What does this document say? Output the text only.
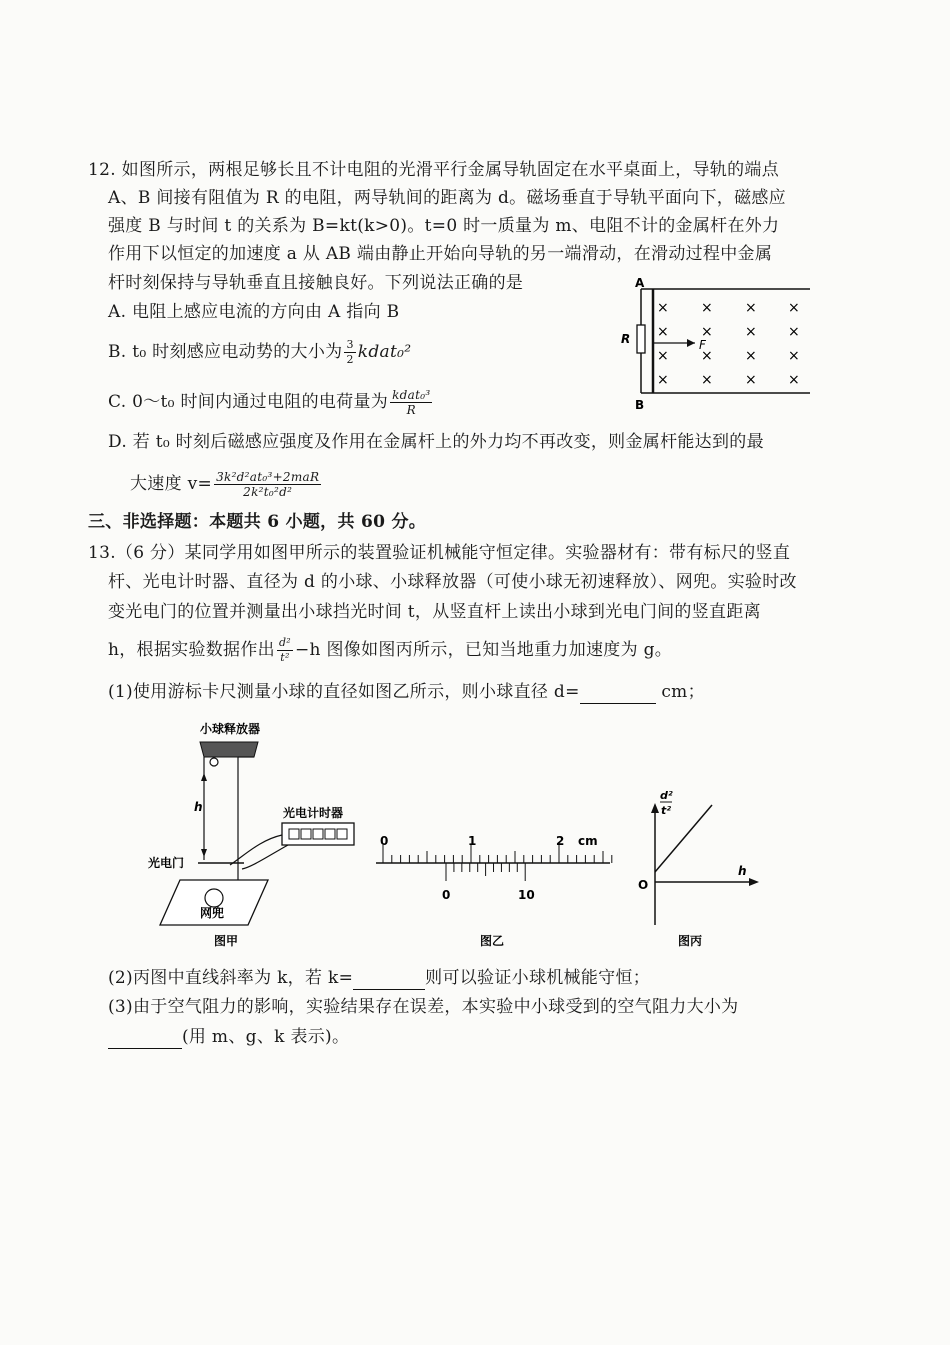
12. 如图所示，两根足够长且不计电阻的光滑平行金属导轨固定在水平桌面上，导轨的端点
A、B 间接有阻值为 R 的电阻，两导轨间的距离为 d。磁场垂直于导轨平面向下，磁感应
强度 B 与时间 t 的关系为 B=kt(k>0)。t=0 时一质量为 m、电阻不计的金属杆在外力
作用下以恒定的加速度 a 从 AB 端由静止开始向导轨的另一端滑动，在滑动过程中金属
杆时刻保持与导轨垂直且接触良好。下列说法正确的是
A. 电阻上感应电流的方向由 A 指向 B
B. t₀ 时刻感应电动势的大小为 $\frac{3}{2}$ kdat₀²
C. 0～t₀ 时间内通过电阻的电荷量为 $\frac{\text{kdat₀³}}{R}$
D. 若 t₀ 时刻后磁感应强度及作用在金属杆上的外力均不再改变，则金属杆能达到的最
大速度 $v= \frac{\text{3k²d²at₀³+2maR}}{\text{2k²t₀²d²}}$
A
B
R	F
× × × ×
× × × ×
× × × ×
× × × ×
三、非选择题：本题共 6 小题，共 60 分。
13.（6 分）某同学用如图甲所示的装置验证机械能守恒定律。实验器材有：带有标尺的竖直
杆、光电计时器、直径为 d 的小球、小球释放器（可使小球无初速释放）、网兜。实验时改
变光电门的位置并测量出小球挡光时间 t，从竖直杆上读出小球到光电门间的竖直距离
h，根据实验数据作出 $\frac{\text{d²}}{\text{t²}} -h$ 图像如图丙所示，已知当地重力加速度为 g。
(1)使用游标卡尺测量小球的直径如图乙所示，则小球直径 d=	cm；
小球释放器
h	光电计时器
光电门
网兜
图甲
0	1	2 cm
0	10
图乙
d²
t²
h
O
图丙
(2)丙图中直线斜率为 k，若 k=	则可以验证小球机械能守恒；
(3)由于空气阻力的影响，实验结果存在误差，本实验中小球受到的空气阻力大小为
(用 m、g、k 表示)。
